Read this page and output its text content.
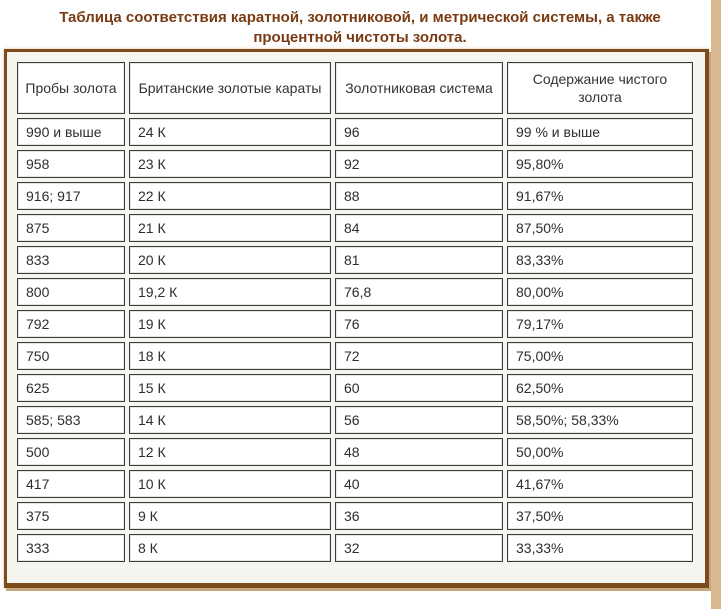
Таблица соответствия каратной, золотниковой, и метрической системы, а также процентной чистоты золота.
Пробы золота	Британские золотые караты	Золотниковая система	Содержание чистого золота
990 и выше	24 К	96	99 % и выше
958	23 К	92	95,80%
916; 917	22 К	88	91,67%
875	21 К	84	87,50%
833	20 К	81	83,33%
800	19,2 К	76,8	80,00%
792	19 К	76	79,17%
750	18 К	72	75,00%
625	15 К	60	62,50%
585; 583	14 К	56	58,50%; 58,33%
500	12 К	48	50,00%
417	10 К	40	41,67%
375	9 К	36	37,50%
333	8 К	32	33,33%
